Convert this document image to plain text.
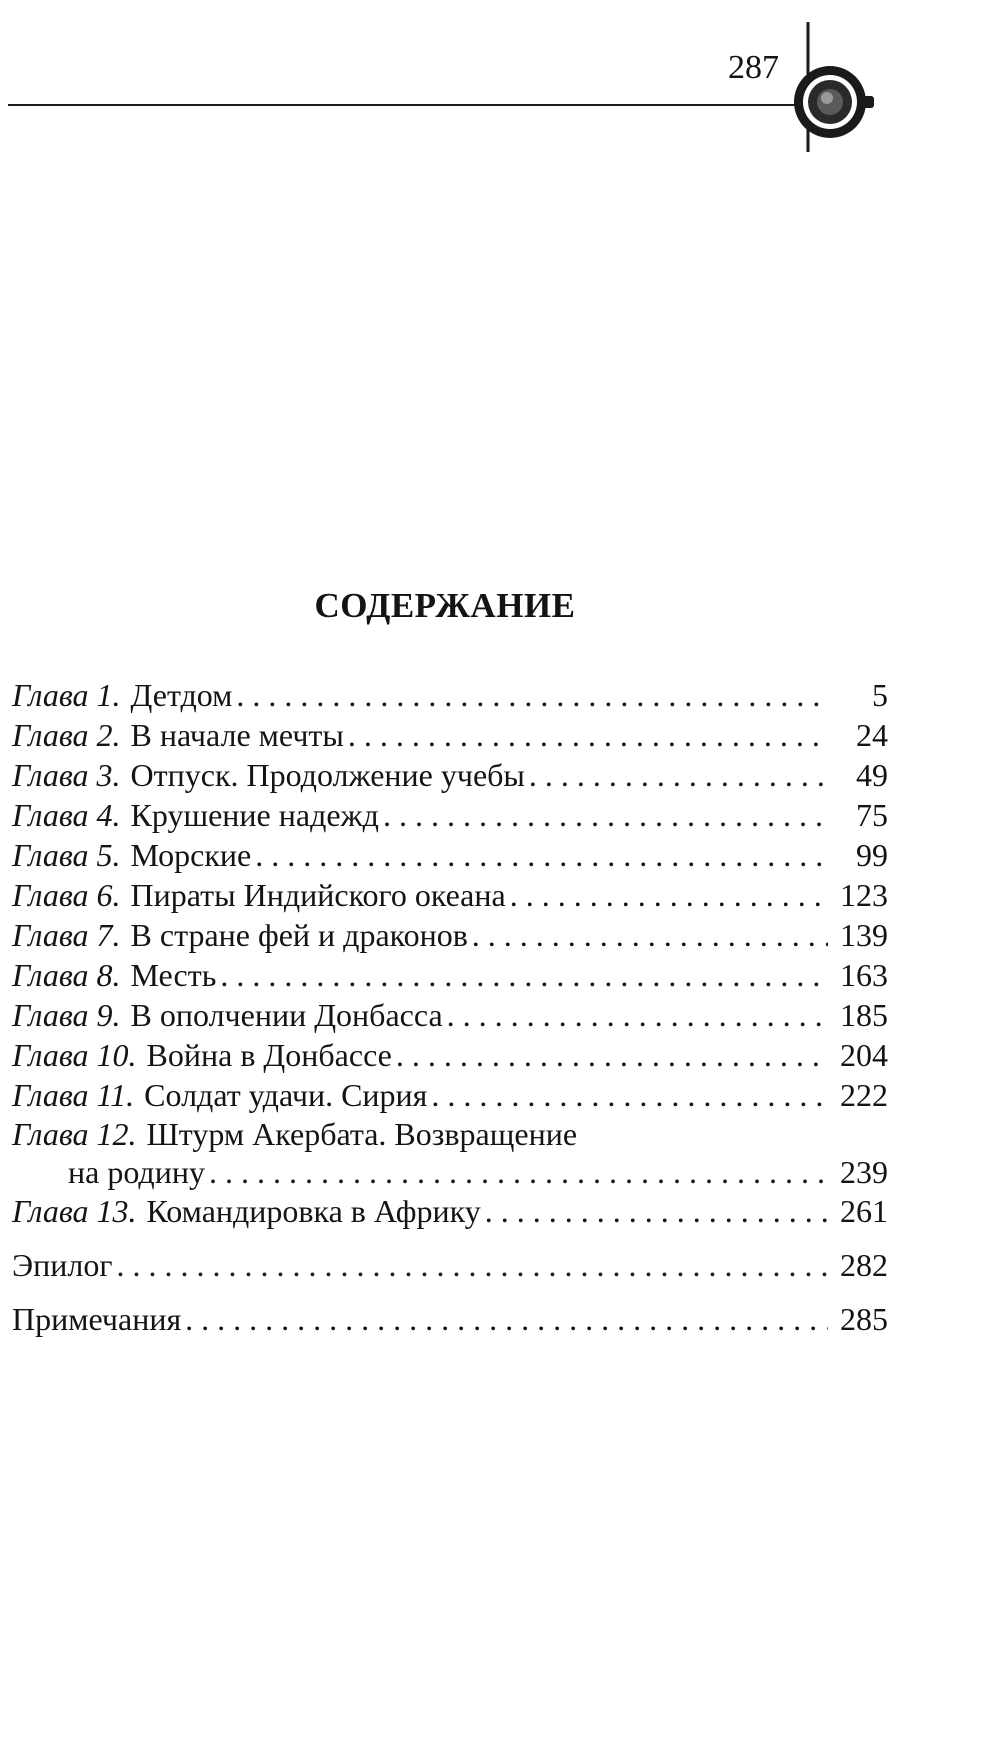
287
СОДЕРЖАНИЕ
Глава 1. Детдом . . .	5
Глава 2. В начале мечты . . .	24
Глава 3. Отпуск. Продолжение учебы . . .	49
Глава 4. Крушение надежд . . .	75
Глава 5. Морские . . .	99
Глава 6. Пираты Индийского океана . . .	123
Глава 7. В стране фей и драконов . . .	139
Глава 8. Месть . . .	163
Глава 9. В ополчении Донбасса . . .	185
Глава 10. Война в Донбассе . . .	204
Глава 11. Солдат удачи. Сирия . . .	222
Глава 12. Штурм Акербата. Возвращение
на родину . . .	239
Глава 13. Командировка в Африку . . .	261
Эпилог . . .	282
Примечания . . .	285
